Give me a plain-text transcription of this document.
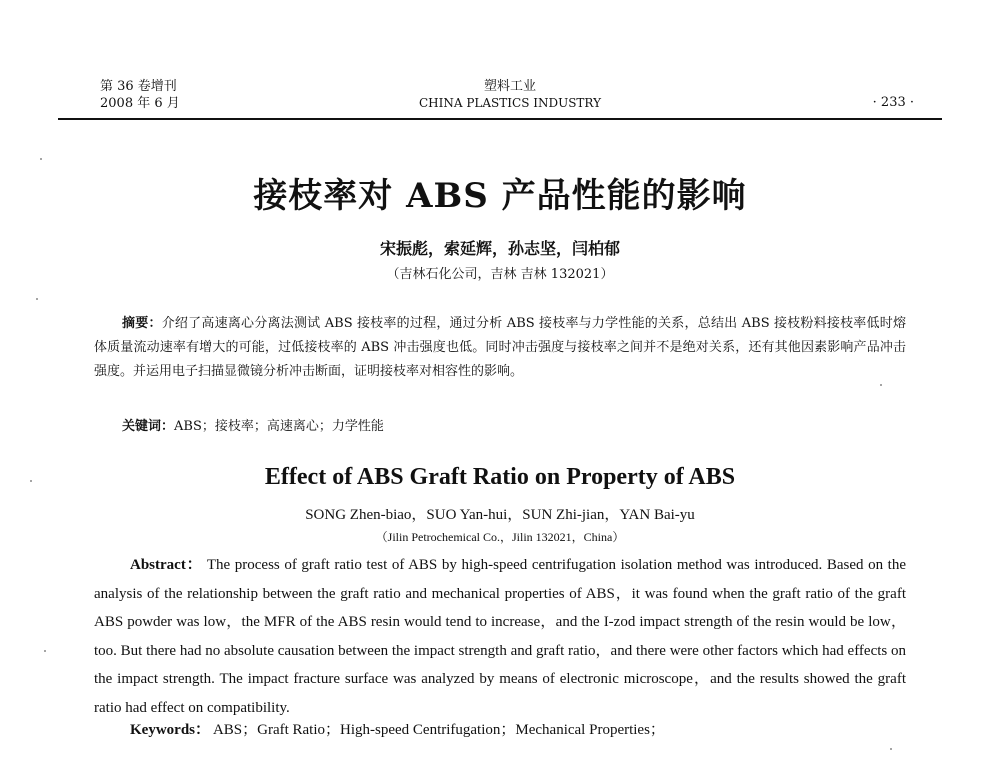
第 36 卷增刊
2008 年 6 月
塑料工业
CHINA PLASTICS INDUSTRY	· 233 ·
接枝率对 ABS 产品性能的影响
宋振彪，索延辉，孙志坚，闫柏郁
（吉林石化公司，吉林 吉林 132021）

摘要：介绍了高速离心分离法测试 ABS 接枝率的过程，通过分析 ABS 接枝率与力学性能的关系，总结出 ABS 接枝粉料接枝率低时熔体质量流动速率有增大的可能，过低接枝率的 ABS 冲击强度也低。同时冲击强度与接枝率之间并不是绝对关系，还有其他因素影响产品冲击强度。并运用电子扫描显微镜分析冲击断面，证明接枝率对相容性的影响。

关键词：ABS；接枝率；高速离心；力学性能
Effect of ABS Graft Ratio on Property of ABS
SONG Zhen-biao，SUO Yan-hui，SUN Zhi-jian，YAN Bai-yu
（Jilin Petrochemical Co.，Jilin 132021，China）

Abstract： The process of graft ratio test of ABS by high-speed centrifugation isolation method was introduced. Based on the analysis of the relationship between the graft ratio and mechanical properties of ABS，it was found when the graft ratio of the graft ABS powder was low，the MFR of the ABS resin would tend to increase，and the I-zod impact strength of the resin would be low，too. But there had no absolute causation between the impact strength and graft ratio，and there were other factors which had effects on the impact strength. The impact fracture surface was analyzed by means of electronic microscope，and the results showed the graft ratio had effect on compatibility.

Keywords： ABS；Graft Ratio；High-speed Centrifugation；Mechanical Properties；
